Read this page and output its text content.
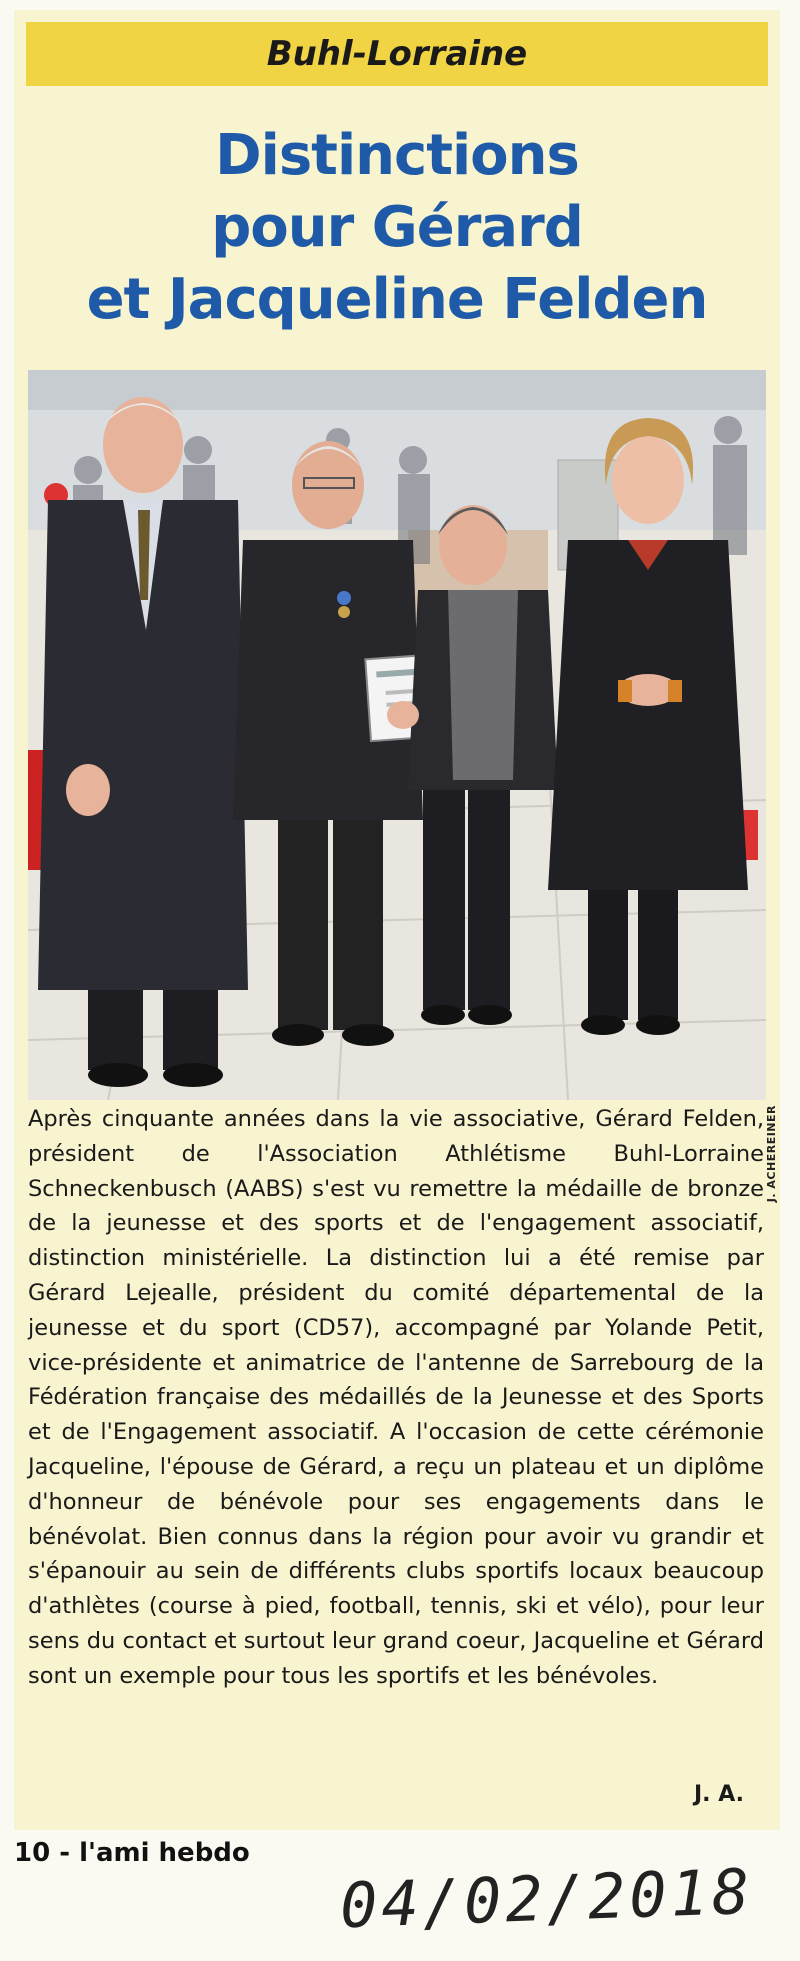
Buhl-Lorraine
Distinctions
pour Gérard
et Jacqueline Felden
J. ACHEREINER
Après cinquante années dans la vie associative, Gérard Felden, président de l'Association Athlétisme Buhl-Lorraine Schneckenbusch (AABS) s'est vu remettre la médaille de bronze de la jeunesse et des sports et de l'engagement associatif, distinction ministérielle. La distinction lui a été remise par Gérard Lejealle, président du comité départemental de la jeunesse et du sport (CD57), accompagné par Yolande Petit, vice-présidente et animatrice de l'antenne de Sarrebourg de la Fédération française des médaillés de la Jeunesse et des Sports et de l'Engagement associatif. A l'occasion de cette cérémonie Jacqueline, l'épouse de Gérard, a reçu un plateau et un diplôme d'honneur de bénévole pour ses engagements dans le bénévolat. Bien connus dans la région pour avoir vu grandir et s'épanouir au sein de différents clubs sportifs locaux beaucoup d'athlètes (course à pied, football, tennis, ski et vélo), pour leur sens du contact et surtout leur grand coeur, Jacqueline et Gérard sont un exemple pour tous les sportifs et les bénévoles.
J. A.
10 - l'ami hebdo
04/02/2018
